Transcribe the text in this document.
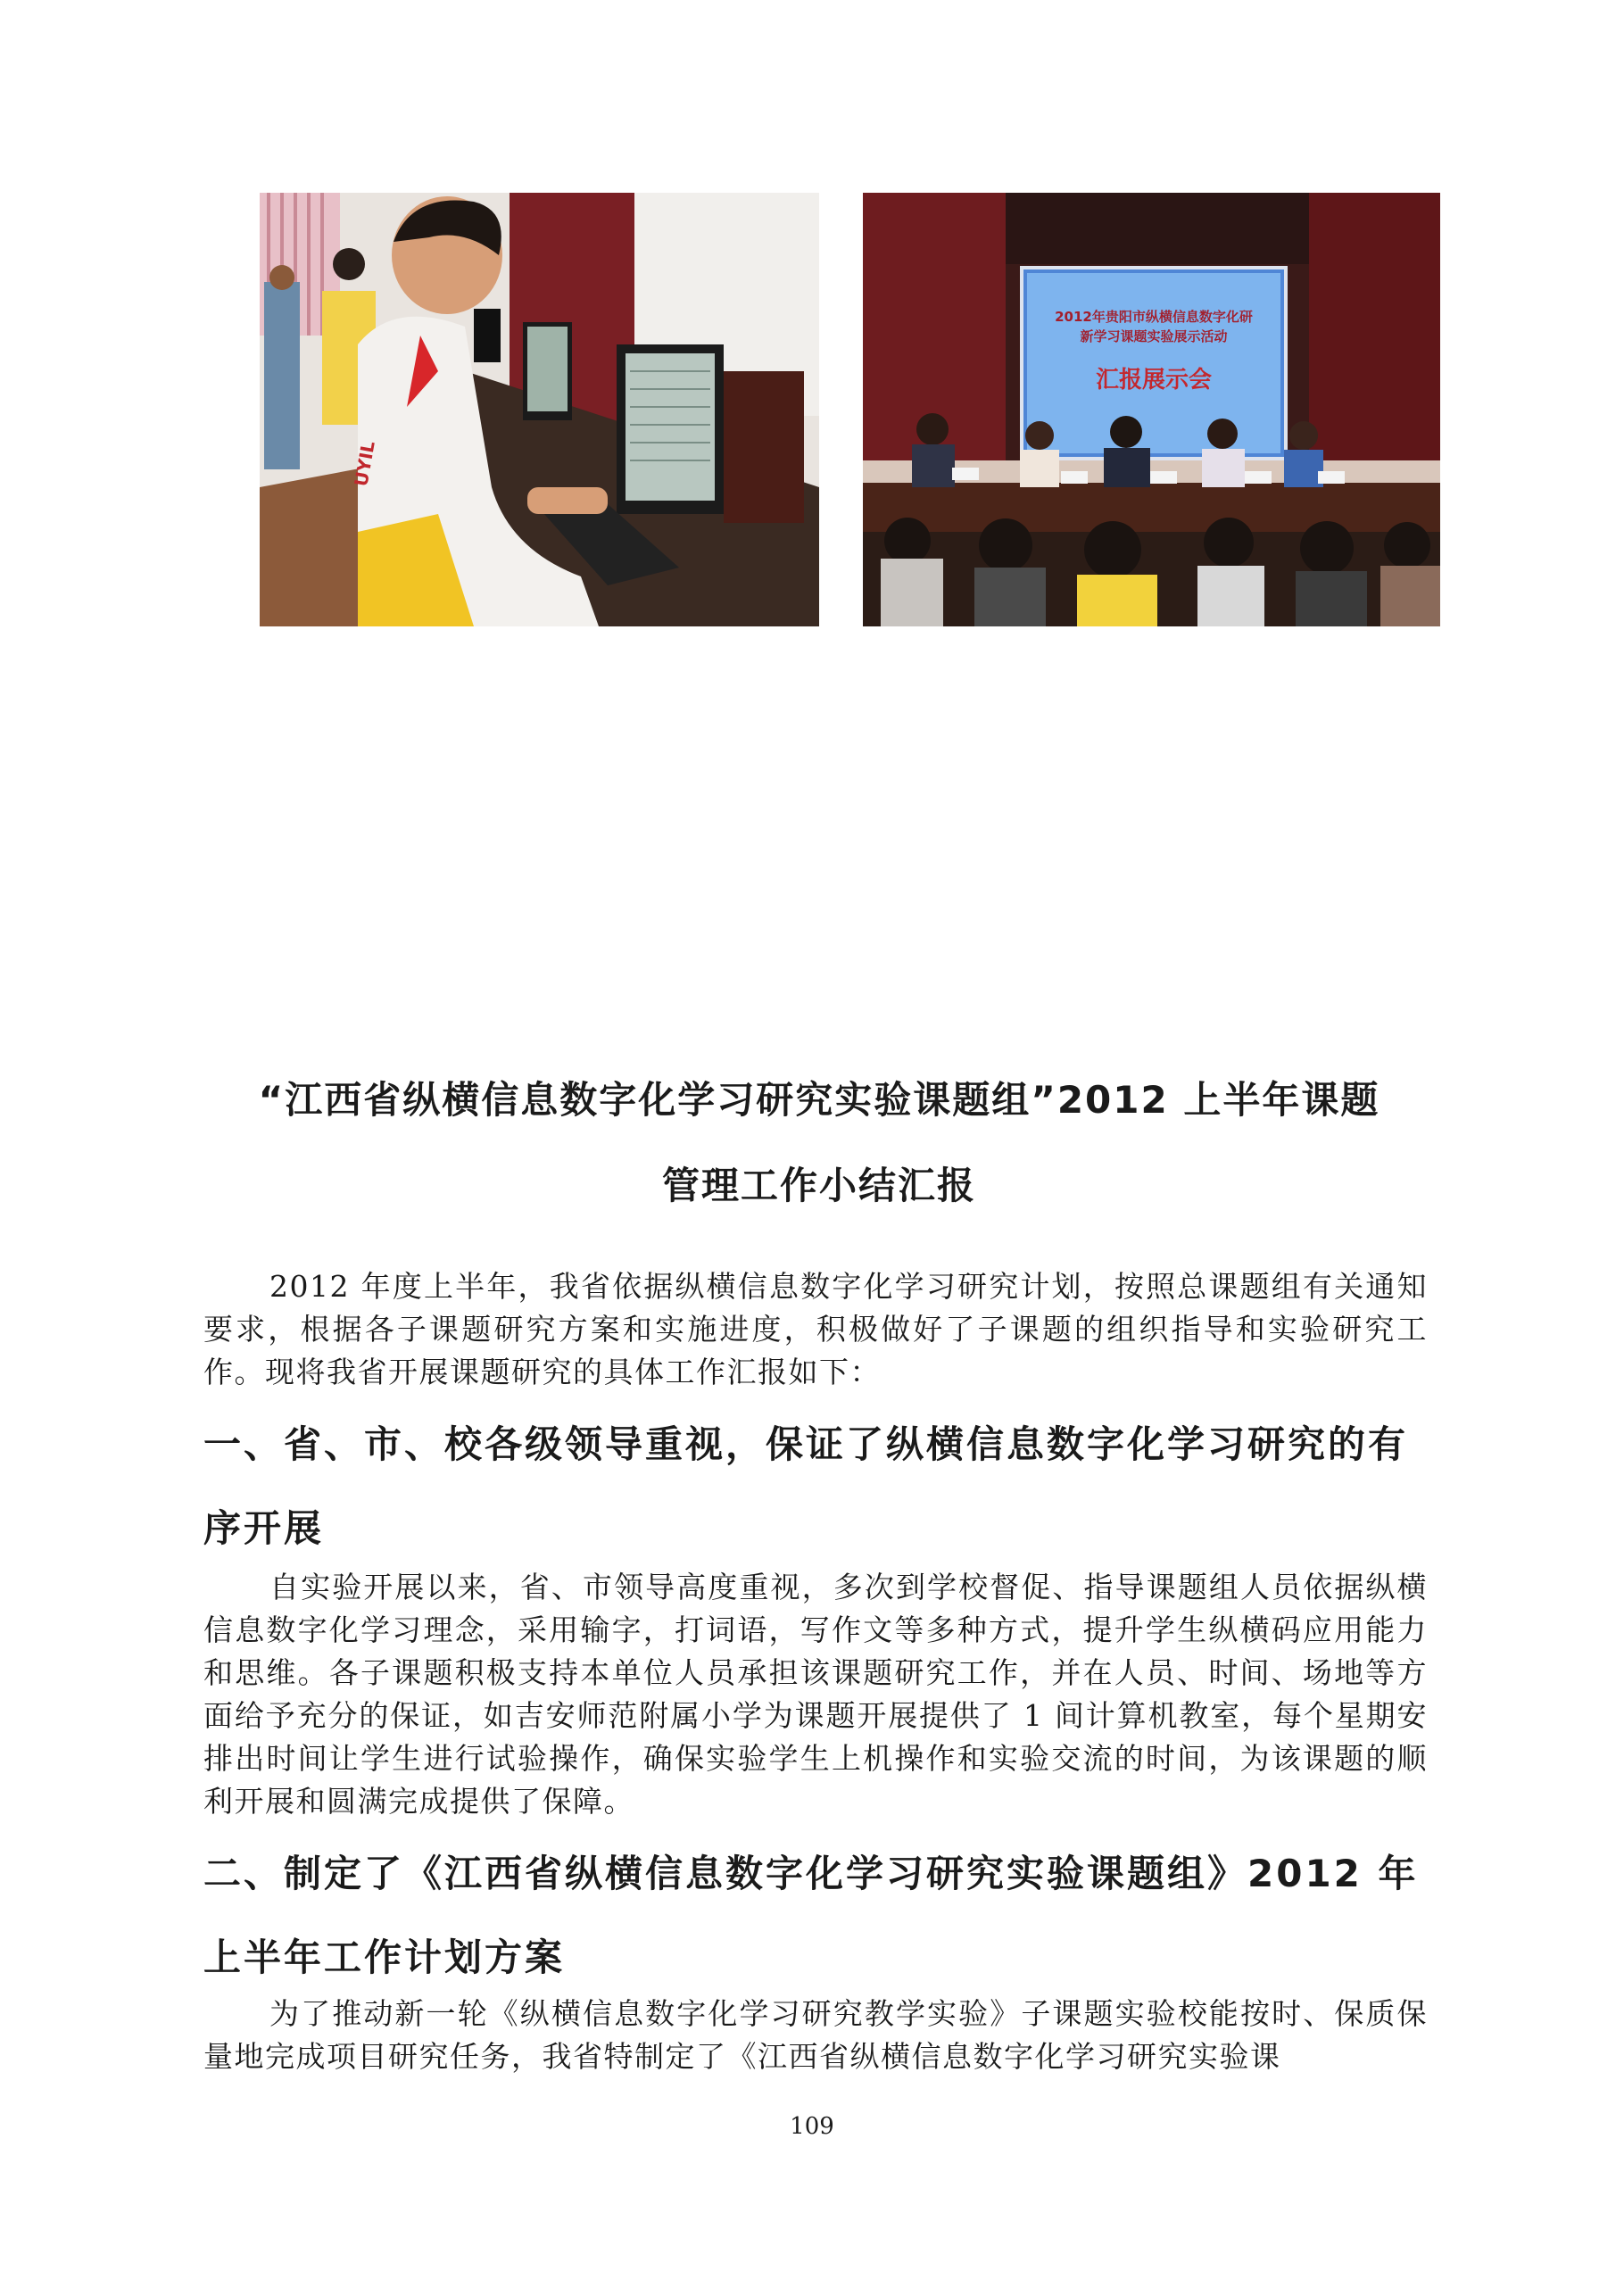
UYIL
2012年贵阳市纵横信息数字化研
新学习课题实验展示活动
汇报展示会
“江西省纵横信息数字化学习研究实验课题组”2012 上半年课题
管理工作小结汇报

2012 年度上半年，我省依据纵横信息数字化学习研究计划，按照总课题组有关通知要求，根据各子课题研究方案和实施进度，积极做好了子课题的组织指导和实验研究工作。现将我省开展课题研究的具体工作汇报如下：

一、省、市、校各级领导重视，保证了纵横信息数字化学习研究的有序开展

自实验开展以来，省、市领导高度重视，多次到学校督促、指导课题组人员依据纵横信息数字化学习理念，采用输字，打词语，写作文等多种方式，提升学生纵横码应用能力和思维。各子课题积极支持本单位人员承担该课题研究工作，并在人员、时间、场地等方面给予充分的保证，如吉安师范附属小学为课题开展提供了 1 间计算机教室，每个星期安排出时间让学生进行试验操作，确保实验学生上机操作和实验交流的时间，为该课题的顺利开展和圆满完成提供了保障。

二、制定了《江西省纵横信息数字化学习研究实验课题组》2012 年上半年工作计划方案

为了推动新一轮《纵横信息数字化学习研究教学实验》子课题实验校能按时、保质保量地完成项目研究任务，我省特制定了《江西省纵横信息数字化学习研究实验课

109
